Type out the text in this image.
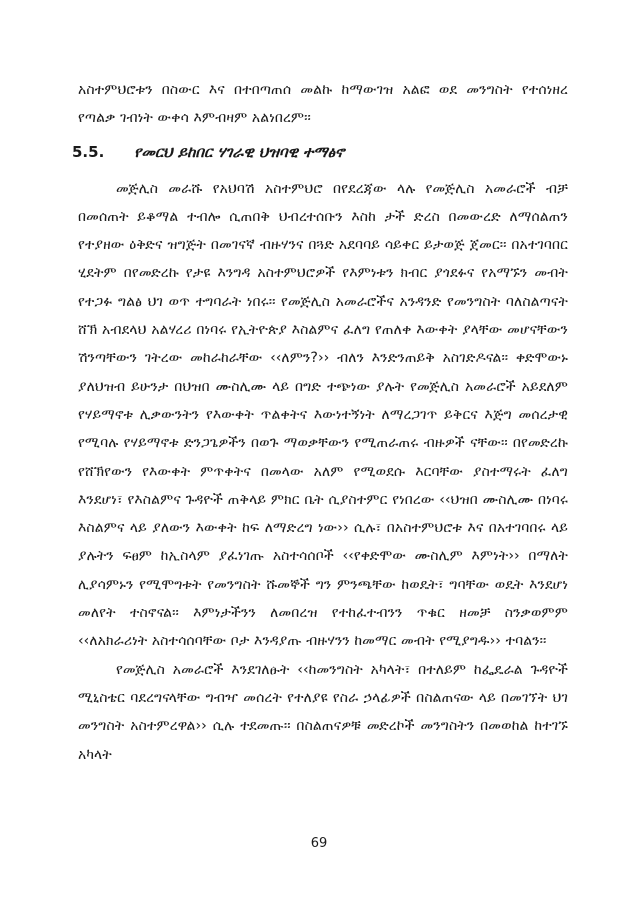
አስተምህሮቱን በስውር እና በተበጣጠሰ መልኩ ከማውገዝ አልፎ ወደ መንግስት የተሰነዘረ የጣልቃ ገብነት ውቀሳ እምብዛም አልነበረም፡፡

5.5.	የመርህ ይከበር ሃገራዊ ህዝባዊ ተማፅኖ

መጅሊስ መራሹ የአህባሽ አስተምህሮ በየደረጃው ላሉ የመጅሊስ አመራሮች ብቻ በመሰጠት ይቆማል ተብሎ ሲጠበቅ ህብረተሰቡን እስከ ታች ድረስ በመውረድ ለማሰልጠን የተያዘው ዕቅድና ዝግጅት በመገናኛ ብዙሃንና በጓድ አደባባይ ሳይቀር ይታወጅ ጀመር፡፡ በአተገባበር ሂደትም በየመድረኩ የታዩ እንግዳ አስተምህሮዎች የእምነቱን ክብር ያጎደፉና የአማኙን መብት የተጋፉ ግልፅ ህገ ወጥ ተግባራት ነበሩ፡፡ የመጅሊስ አመራሮችና አንዳንድ የመንግስት ባለስልጣናት ሸኽ አብደላህ አልሃረሪ በነባሩ የኢትዮጵያ እስልምና ፈለግ የጠለቀ እውቀት ያላቸው መሆናቸውን ሽንጣቸውን ገትረው መከራከራቸው ‹‹ለምን?›› ብለን እንድንጠይቅ አስገድዶናል፡፡ ቀድሞውኑ ያለህዝብ ይሁንታ በህዝበ ሙስሊሙ ላይ በግድ ተጭነው ያሉት የመጅሊስ አመራሮች አይደለም የሃይማኖቱ ሊቃውንትን የእውቀት ጥልቀትና እውነተኝነት ለማረጋገጥ ይቅርና እጅግ መሰረታዊ የሚባሉ የሃይማኖቱ ድንጋጌዎችን በወጉ ማወቃቸውን የሚጠራጠሩ ብዙዎች ናቸው፡፡ በየመድረኩ የሸኽየውን የእውቀት ምጥቀትና በመላው አለም የሚወደሱ እርባቸው ያስተማሩት ፈለግ እንደሆነ፣ የእስልምና ጉዳዮች ጠቅላይ ምክር ቤት ሲያስተምር የነበረው ‹‹ህዝበ ሙስሊሙ በነባሩ እስልምና ላይ ያለውን እውቀት ከፍ ለማድረግ ነው›› ሲሉ፣ በአስተምህሮቱ እና በአተገባበሩ ላይ ያሉትን ፍፀም ከኢስላም ያፈነገጡ አስተሳሰቦች ‹‹የቀድሞው ሙስሊም እምነት›› በማለት ሊያሳምኑን የሚሞግቱት የመንግስት ሹመኞች ግን ምንጫቸው ከወዴት፣ ግባቸው ወዴት እንደሆነ መለየት ተስኖናል፡፡ እምነታችንን ለመበረዝ የተከፈተብንን ጥቁር ዘመቻ ስንቃወምም ‹‹ለአክራሪነት አስተሳሰባቸው ቦታ እንዳያጡ ብዙሃንን ከመማር መብት የሚያግዱ›› ተባልን፡፡

የመጅሊስ አመራሮች እንደገለፁት ‹‹ከመንግስት አካላት፣ በተለይም ከፌዴራል ጉዳዮች ሚኒስቴር ባደረግናላቸው ግብዣ መሰረት የተለያዩ የስራ ኃላፊዎች በስልጠናው ላይ በመገኘት ህገ መንግስት አስተምረዋል›› ሲሉ ተደመጡ፡፡ በስልጠናዎቹ መድረኮች መንግስትን በመወከል ከተገኙ አካላት

69
